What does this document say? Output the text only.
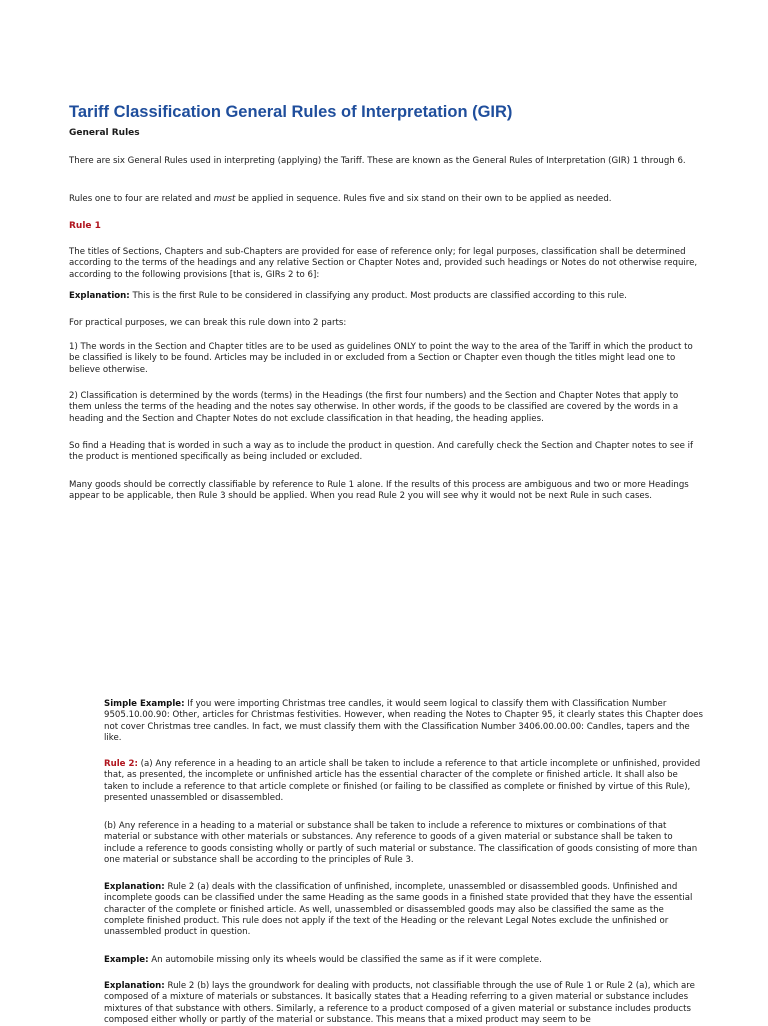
Tariff Classification General Rules of Interpretation (GIR)

General Rules

There are six General Rules used in interpreting (applying) the Tariff. These are known as the General Rules of Interpretation (GIR) 1 through 6.

Rules one to four are related and must be applied in sequence. Rules five and six stand on their own to be applied as needed.

Rule 1

The titles of Sections, Chapters and sub-Chapters are provided for ease of reference only; for legal purposes, classification shall be determined according to the terms of the headings and any relative Section or Chapter Notes and, provided such headings or Notes do not otherwise require, according to the following provisions [that is, GIRs 2 to 6]:

Explanation: This is the first Rule to be considered in classifying any product. Most products are classified according to this rule.

For practical purposes, we can break this rule down into 2 parts:

1) The words in the Section and Chapter titles are to be used as guidelines ONLY to point the way to the area of the Tariff in which the product to be classified is likely to be found. Articles may be included in or excluded from a Section or Chapter even though the titles might lead one to believe otherwise.

2) Classification is determined by the words (terms) in the Headings (the first four numbers) and the Section and Chapter Notes that apply to them unless the terms of the heading and the notes say otherwise. In other words, if the goods to be classified are covered by the words in a heading and the Section and Chapter Notes do not exclude classification in that heading, the heading applies.

So find a Heading that is worded in such a way as to include the product in question. And carefully check the Section and Chapter notes to see if the product is mentioned specifically as being included or excluded.

Many goods should be correctly classifiable by reference to Rule 1 alone. If the results of this process are ambiguous and two or more Headings appear to be applicable, then Rule 3 should be applied. When you read Rule 2 you will see why it would not be next Rule in such cases.

Simple Example: If you were importing Christmas tree candles, it would seem logical to classify them with Classification Number 9505.10.00.90: Other, articles for Christmas festivities. However, when reading the Notes to Chapter 95, it clearly states this Chapter does not cover Christmas tree candles. In fact, we must classify them with the Classification Number 3406.00.00.00: Candles, tapers and the like.

Rule 2: (a) Any reference in a heading to an article shall be taken to include a reference to that article incomplete or unfinished, provided that, as presented, the incomplete or unfinished article has the essential character of the complete or finished article. It shall also be taken to include a reference to that article complete or finished (or failing to be classified as complete or finished by virtue of this Rule), presented unassembled or disassembled.

(b) Any reference in a heading to a material or substance shall be taken to include a reference to mixtures or combinations of that material or substance with other materials or substances. Any reference to goods of a given material or substance shall be taken to include a reference to goods consisting wholly or partly of such material or substance. The classification of goods consisting of more than one material or substance shall be according to the principles of Rule 3.

Explanation: Rule 2 (a) deals with the classification of unfinished, incomplete, unassembled or disassembled goods. Unfinished and incomplete goods can be classified under the same Heading as the same goods in a finished state provided that they have the essential character of the complete or finished article. As well, unassembled or disassembled goods may also be classified the same as the complete finished product. This rule does not apply if the text of the Heading or the relevant Legal Notes exclude the unfinished or unassembled product in question.

Example: An automobile missing only its wheels would be classified the same as if it were complete.

Explanation: Rule 2 (b) lays the groundwork for dealing with products, not classifiable through the use of Rule 1 or Rule 2 (a), which are composed of a mixture of materials or substances. It basically states that a Heading referring to a given material or substance includes mixtures of that substance with others. Similarly, a reference to a product composed of a given material or substance includes products composed either wholly or partly of the material or substance. This means that a mixed product may seem to be
